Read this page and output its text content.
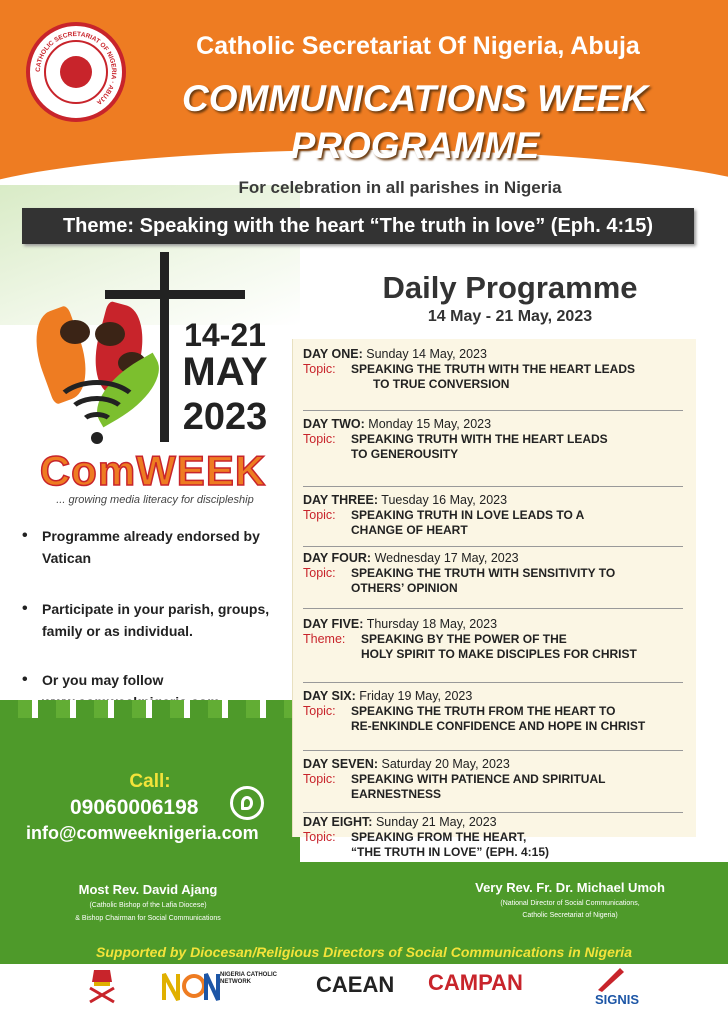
CATHOLIC SECRETARIAT OF NIGERIA · ABUJA
Catholic Secretariat Of Nigeria, Abuja
COMMUNICATIONS WEEK
PROGRAMME
For celebration in all parishes in Nigeria
Theme: Speaking with the heart “The truth in love” (Eph. 4:15)
14-21
MAY
2023
ComWEEK
... growing media literacy for discipleship
• Programme already endorsed by Vatican
• Participate in your parish, groups, family or as individual.
• Or you may follow
Call:
09060006198
info@comweeknigeria.com
Daily Programme
14 May - 21 May, 2023
DAY ONE: Sunday 14 May, 2023
Topic:	SPEAKING THE TRUTH WITH THE HEART LEADS
TO TRUE CONVERSION
DAY TWO: Monday 15 May, 2023
Topic:	SPEAKING TRUTH WITH THE HEART LEADS
TO GENEROUSITY
DAY THREE: Tuesday 16 May, 2023
Topic:	SPEAKING TRUTH IN LOVE LEADS TO A
CHANGE OF HEART
DAY FOUR: Wednesday 17 May, 2023
Topic:	SPEAKING THE TRUTH WITH SENSITIVITY TO
OTHERS’ OPINION
DAY FIVE: Thursday 18 May, 2023
Theme:	SPEAKING BY THE POWER OF THE
HOLY SPIRIT TO MAKE DISCIPLES FOR CHRIST
DAY SIX: Friday 19 May, 2023
Topic:	SPEAKING THE TRUTH FROM THE HEART TO
RE-ENKINDLE CONFIDENCE AND HOPE IN CHRIST
DAY SEVEN: Saturday 20 May, 2023
Topic:	SPEAKING WITH PATIENCE AND SPIRITUAL
EARNESTNESS
DAY EIGHT: Sunday 21 May, 2023
Topic:	SPEAKING FROM THE HEART,
“THE TRUTH IN LOVE” (EPH. 4:15)
Most Rev. David Ajang
(Catholic Bishop of the Lafia Diocese)
& Bishop Chairman for Social Communications
Very Rev. Fr. Dr. Michael Umoh
(National Director of Social Communications,
Catholic Secretariat of Nigeria)
Supported by Diocesan/Religious Directors of Social Communications in Nigeria
NIGERIA CATHOLIC NETWORK	CAEAN	CAMPAN
SIGNIS
